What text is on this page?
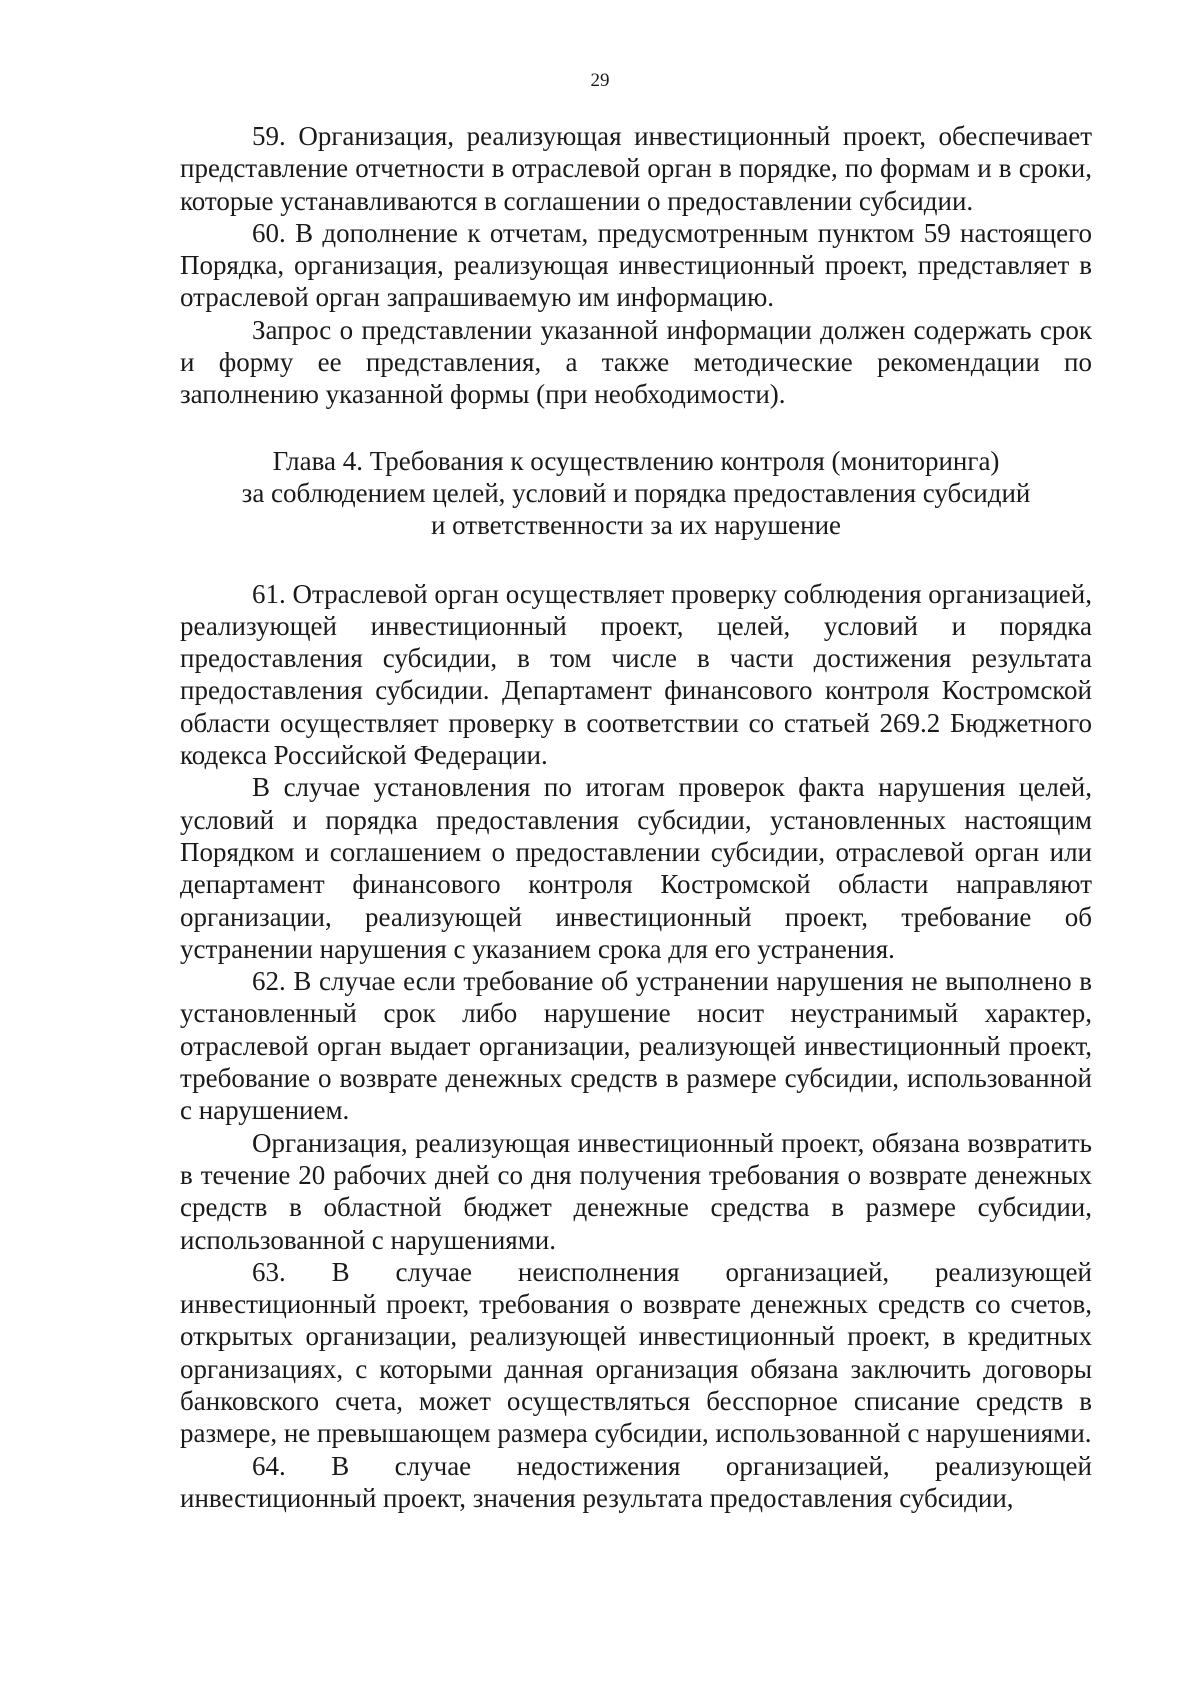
29

59. Организация, реализующая инвестиционный проект, обеспечивает представление отчетности в отраслевой орган в порядке, по формам и в сроки, которые устанавливаются в соглашении о предоставлении субсидии.

60. В дополнение к отчетам, предусмотренным пунктом 59 настоящего Порядка, организация, реализующая инвестиционный проект, представляет в отраслевой орган запрашиваемую им информацию.

Запрос о представлении указанной информации должен содержать срок и форму ее представления, а также методические рекомендации по заполнению указанной формы (при необходимости).

Глава 4. Требования к осуществлению контроля (мониторинга)
за соблюдением целей, условий и порядка предоставления субсидий
и ответственности за их нарушение

61. Отраслевой орган осуществляет проверку соблюдения организацией, реализующей инвестиционный проект, целей, условий и порядка предоставления субсидии, в том числе в части достижения результата предоставления субсидии. Департамент финансового контроля Костромской области осуществляет проверку в соответствии со статьей 269.2 Бюджетного кодекса Российской Федерации.

В случае установления по итогам проверок факта нарушения целей, условий и порядка предоставления субсидии, установленных настоящим Порядком и соглашением о предоставлении субсидии, отраслевой орган или департамент финансового контроля Костромской области направляют организации, реализующей инвестиционный проект, требование об устранении нарушения с указанием срока для его устранения.

62. В случае если требование об устранении нарушения не выполнено в установленный срок либо нарушение носит неустранимый характер, отраслевой орган выдает организации, реализующей инвестиционный проект, требование о возврате денежных средств в размере субсидии, использованной с нарушением.

Организация, реализующая инвестиционный проект, обязана возвратить в течение 20 рабочих дней со дня получения требования о возврате денежных средств в областной бюджет денежные средства в размере субсидии, использованной с нарушениями.

63. В случае неисполнения организацией, реализующей инвестиционный проект, требования о возврате денежных средств со счетов, открытых организации, реализующей инвестиционный проект, в кредитных организациях, с которыми данная организация обязана заключить договоры банковского счета, может осуществляться бесспорное списание средств в размере, не превышающем размера субсидии, использованной с нарушениями.

64. В случае недостижения организацией, реализующей инвестиционный проект, значения результата предоставления субсидии,
